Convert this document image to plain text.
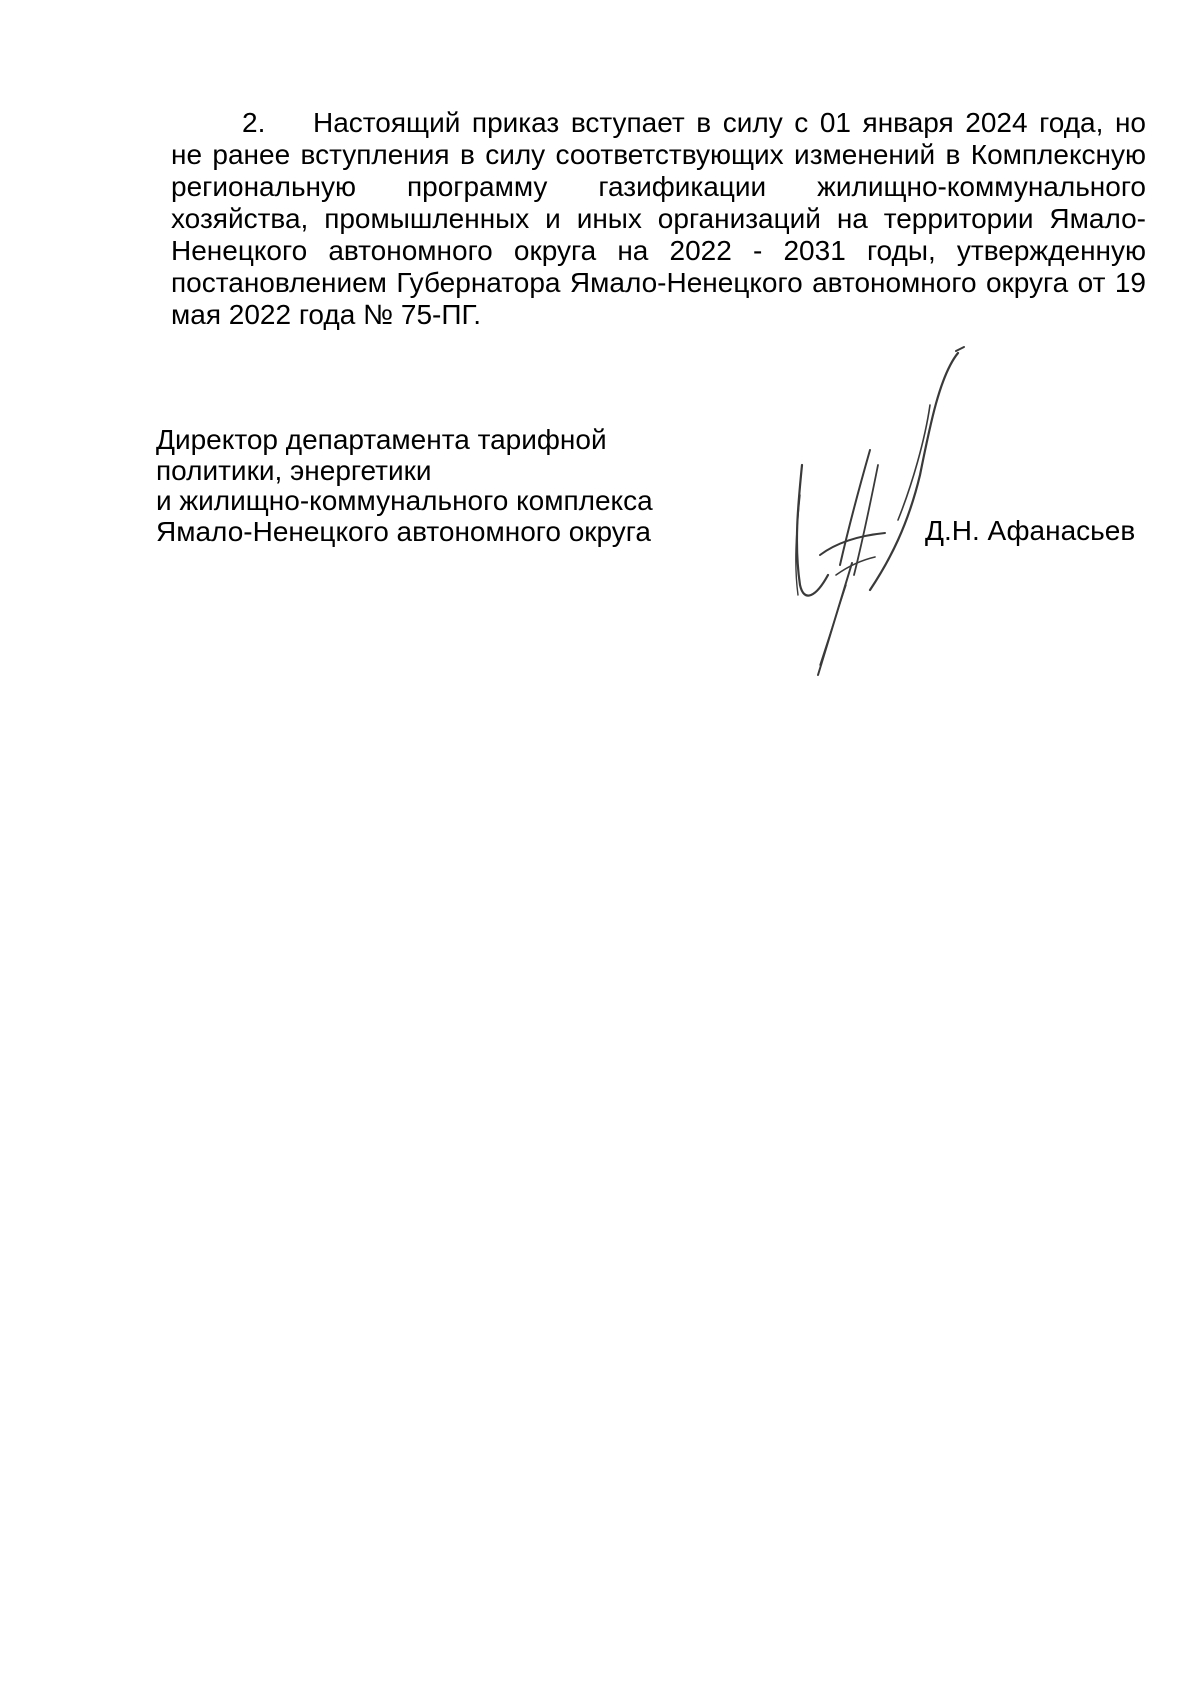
2. Настоящий приказ вступает в силу с 01 января 2024 года, но не ранее вступления в силу соответствующих изменений в Комплексную региональную программу газификации жилищно-коммунального хозяйства, промышленных и иных организаций на территории Ямало-Ненецкого автономного округа на 2022 - 2031 годы, утвержденную постановлением Губернатора Ямало-Ненецкого автономного округа от 19 мая 2022 года № 75-ПГ.

Директор департамента тарифной
политики, энергетики
и жилищно-коммунального комплекса
Ямало-Ненецкого автономного округа	Д.Н. Афанасьев
